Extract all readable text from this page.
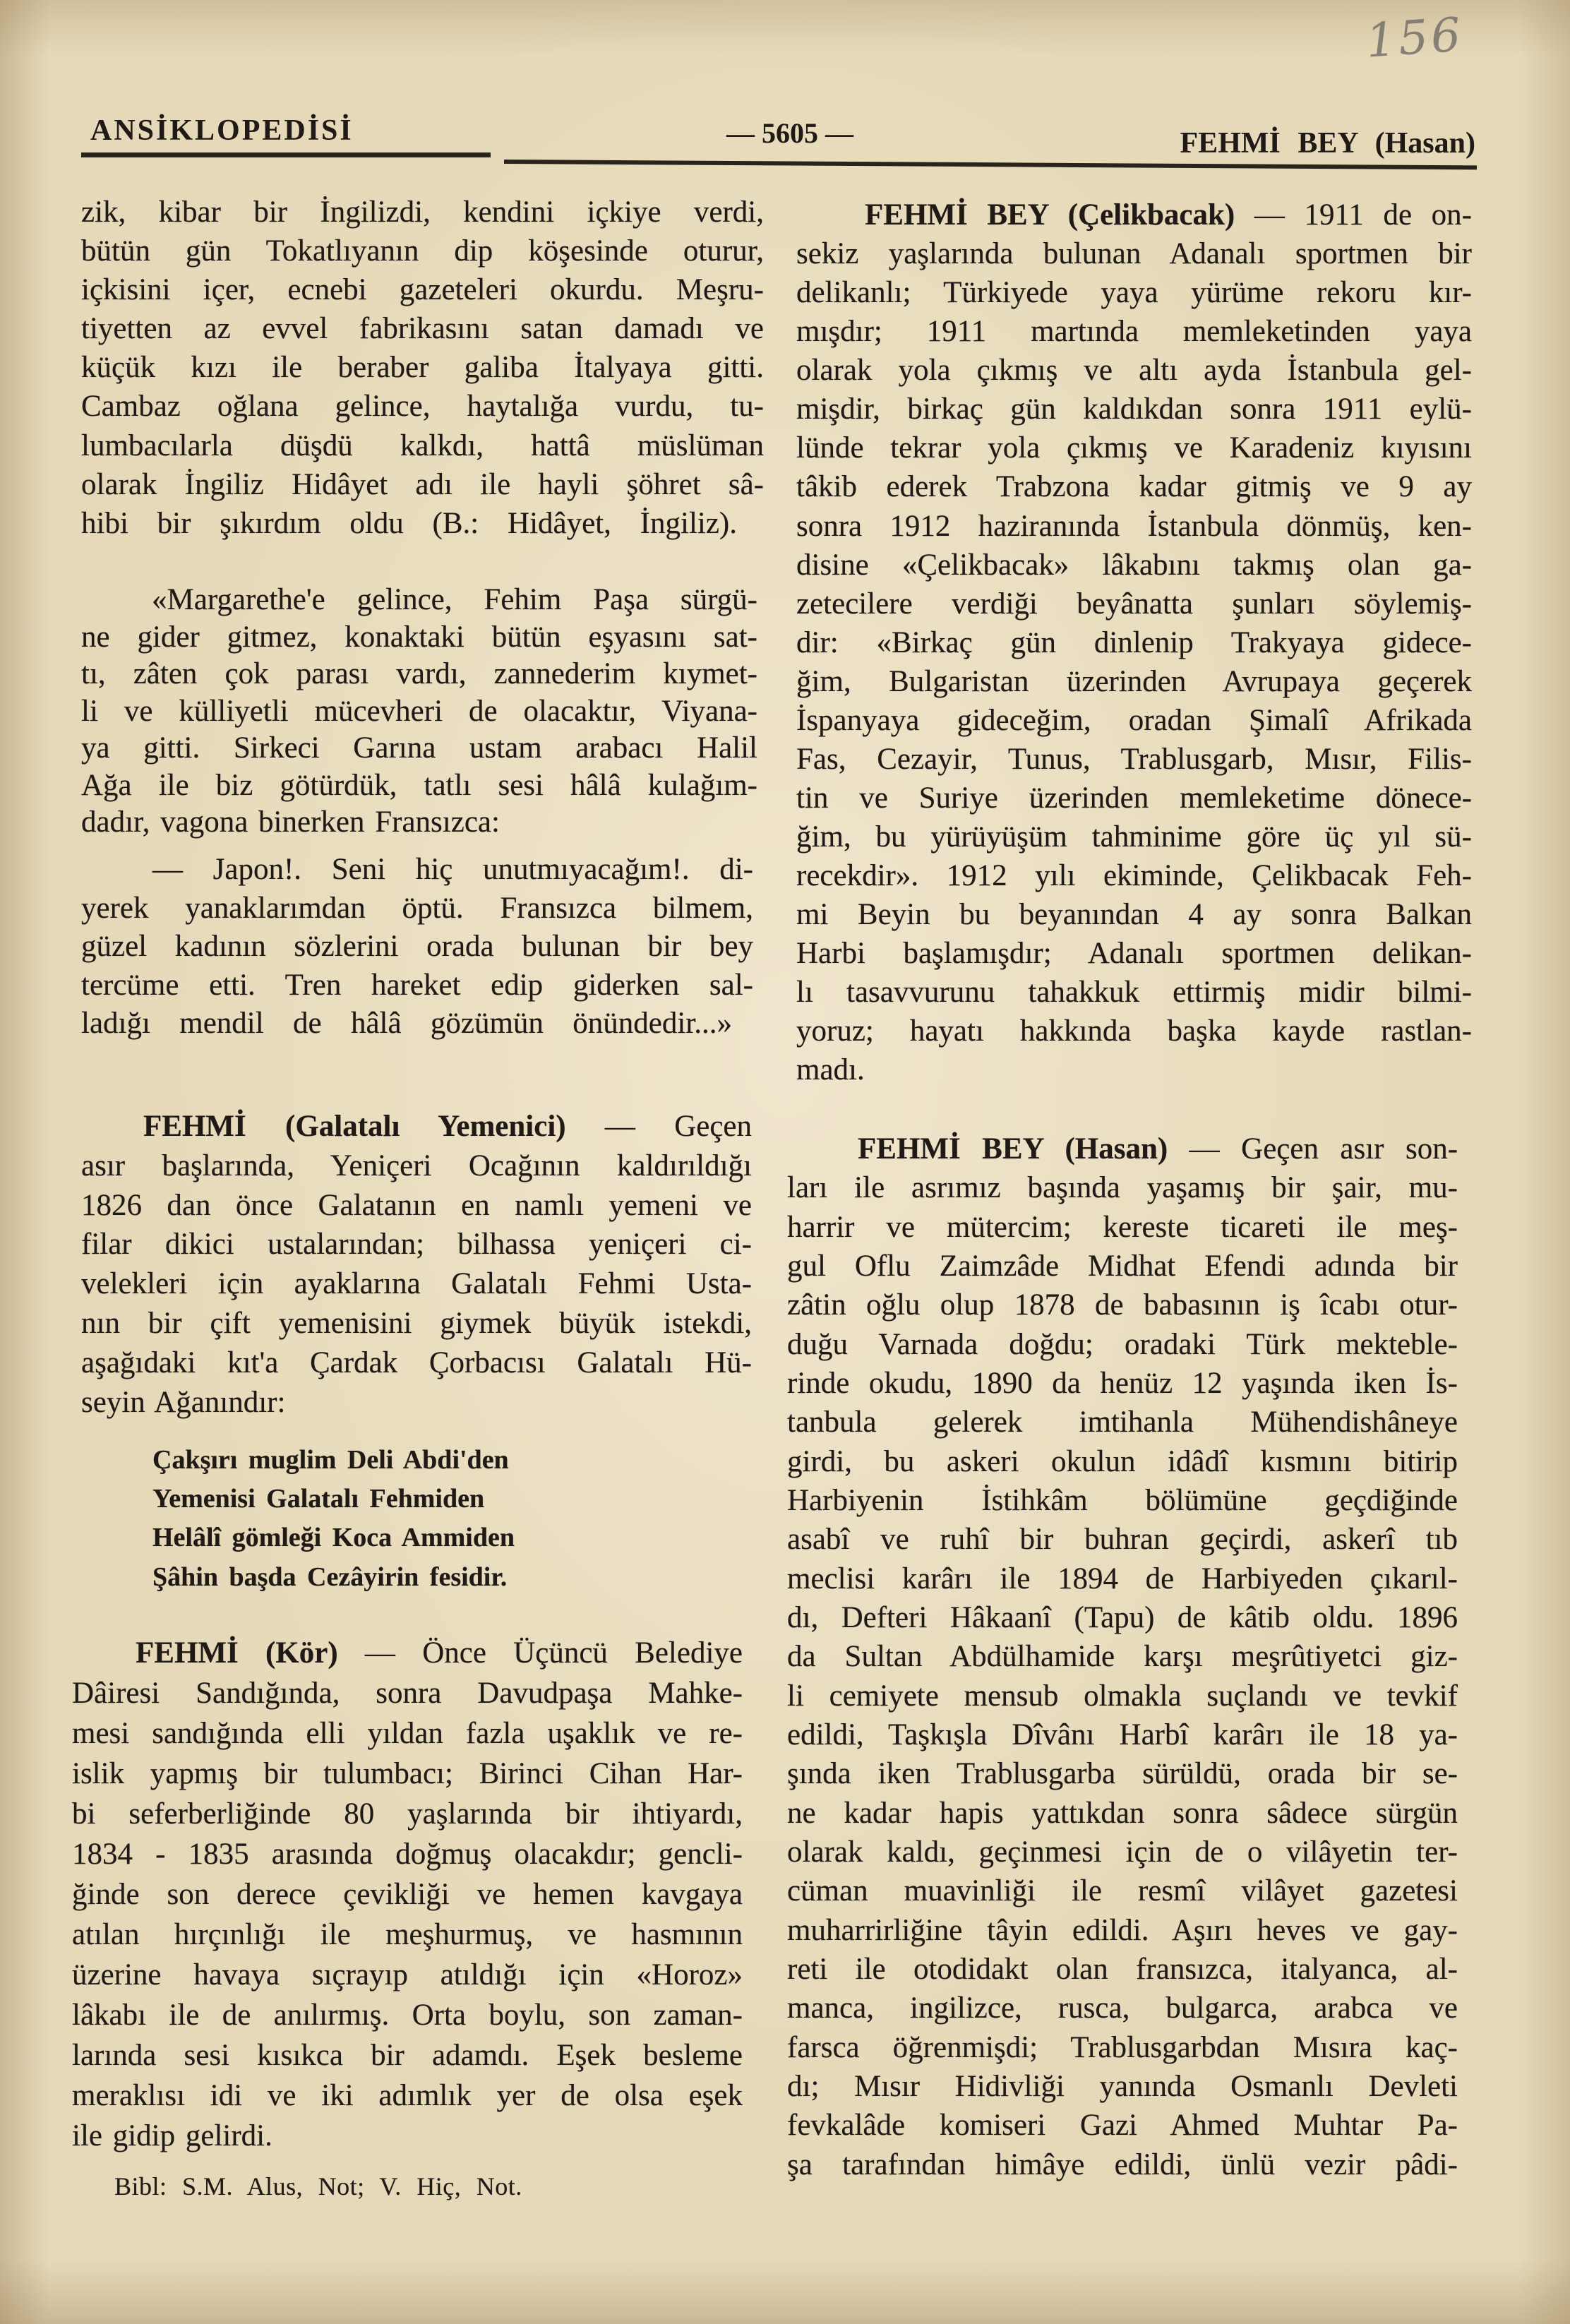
156
ANSİKLOPEDİSİ	— 5605 —	FEHMİ BEY (Hasan)
zik, kibar bir İngilizdi, kendini içkiye verdi,
bütün gün Tokatlıyanın dip köşesinde oturur,
içkisini içer, ecnebi gazeteleri okurdu. Meşru-
tiyetten az evvel fabrikasını satan damadı ve
küçük kızı ile beraber galiba İtalyaya gitti.
Cambaz oğlana gelince, haytalığa vurdu, tu-
lumbacılarla düşdü kalkdı, hattâ müslüman
olarak İngiliz Hidâyet adı ile hayli şöhret sâ-
hibi bir şıkırdım oldu (B.: Hidâyet, İngiliz).
«Margarethe'e gelince, Fehim Paşa sürgü-
ne gider gitmez, konaktaki bütün eşyasını sat-
tı, zâten çok parası vardı, zannederim kıymet-
li ve külliyetli mücevheri de olacaktır, Viyana-
ya gitti. Sirkeci Garına ustam arabacı Halil
Ağa ile biz götürdük, tatlı sesi hâlâ kulağım-
dadır, vagona binerken Fransızca:
— Japon!. Seni hiç unutmıyacağım!. di-
yerek yanaklarımdan öptü. Fransızca bilmem,
güzel kadının sözlerini orada bulunan bir bey
tercüme etti. Tren hareket edip giderken sal-
ladığı mendil de hâlâ gözümün önündedir...»
FEHMİ (Galatalı Yemenici) — Geçen
asır başlarında, Yeniçeri Ocağının kaldırıldığı
1826 dan önce Galatanın en namlı yemeni ve
filar dikici ustalarından; bilhassa yeniçeri ci-
velekleri için ayaklarına Galatalı Fehmi Usta-
nın bir çift yemenisini giymek büyük istekdi,
aşağıdaki kıt'a Çardak Çorbacısı Galatalı Hü-
seyin Ağanındır:
Çakşırı muglim Deli Abdi'den
Yemenisi Galatalı Fehmiden
Helâlî gömleği Koca Ammiden
Şâhin başda Cezâyirin fesidir.
FEHMİ (Kör) — Önce Üçüncü Belediye
Dâiresi Sandığında, sonra Davudpaşa Mahke-
mesi sandığında elli yıldan fazla uşaklık ve re-
islik yapmış bir tulumbacı; Birinci Cihan Har-
bi seferberliğinde 80 yaşlarında bir ihtiyardı,
1834 - 1835 arasında doğmuş olacakdır; gencli-
ğinde son derece çevikliği ve hemen kavgaya
atılan hırçınlığı ile meşhurmuş, ve hasmının
üzerine havaya sıçrayıp atıldığı için «Horoz»
lâkabı ile de anılırmış. Orta boylu, son zaman-
larında sesi kısıkca bir adamdı. Eşek besleme
meraklısı idi ve iki adımlık yer de olsa eşek
ile gidip gelirdi.
Bibl: S.M. Alus, Not; V. Hiç, Not.
FEHMİ BEY (Çelikbacak) — 1911 de on-
sekiz yaşlarında bulunan Adanalı sportmen bir
delikanlı; Türkiyede yaya yürüme rekoru kır-
mışdır; 1911 martında memleketinden yaya
olarak yola çıkmış ve altı ayda İstanbula gel-
mişdir, birkaç gün kaldıkdan sonra 1911 eylü-
lünde tekrar yola çıkmış ve Karadeniz kıyısını
tâkib ederek Trabzona kadar gitmiş ve 9 ay
sonra 1912 haziranında İstanbula dönmüş, ken-
disine «Çelikbacak» lâkabını takmış olan ga-
zetecilere verdiği beyânatta şunları söylemiş-
dir: «Birkaç gün dinlenip Trakyaya gidece-
ğim, Bulgaristan üzerinden Avrupaya geçerek
İspanyaya gideceğim, oradan Şimalî Afrikada
Fas, Cezayir, Tunus, Trablusgarb, Mısır, Filis-
tin ve Suriye üzerinden memleketime dönece-
ğim, bu yürüyüşüm tahminime göre üç yıl sü-
recekdir». 1912 yılı ekiminde, Çelikbacak Feh-
mi Beyin bu beyanından 4 ay sonra Balkan
Harbi başlamışdır; Adanalı sportmen delikan-
lı tasavvurunu tahakkuk ettirmiş midir bilmi-
yoruz; hayatı hakkında başka kayde rastlan-
madı.
FEHMİ BEY (Hasan) — Geçen asır son-
ları ile asrımız başında yaşamış bir şair, mu-
harrir ve mütercim; kereste ticareti ile meş-
gul Oflu Zaimzâde Midhat Efendi adında bir
zâtin oğlu olup 1878 de babasının iş îcabı otur-
duğu Varnada doğdu; oradaki Türk mekteble-
rinde okudu, 1890 da henüz 12 yaşında iken İs-
tanbula gelerek imtihanla Mühendishâneye
girdi, bu askeri okulun idâdî kısmını bitirip
Harbiyenin İstihkâm bölümüne geçdiğinde
asabî ve ruhî bir buhran geçirdi, askerî tıb
meclisi karârı ile 1894 de Harbiyeden çıkarıl-
dı, Defteri Hâkaanî (Tapu) de kâtib oldu. 1896
da Sultan Abdülhamide karşı meşrûtiyetci giz-
li cemiyete mensub olmakla suçlandı ve tevkif
edildi, Taşkışla Dîvânı Harbî karârı ile 18 ya-
şında iken Trablusgarba sürüldü, orada bir se-
ne kadar hapis yattıkdan sonra sâdece sürgün
olarak kaldı, geçinmesi için de o vilâyetin ter-
cüman muavinliği ile resmî vilâyet gazetesi
muharrirliğine tâyin edildi. Aşırı heves ve gay-
reti ile otodidakt olan fransızca, italyanca, al-
manca, ingilizce, rusca, bulgarca, arabca ve
farsca öğrenmişdi; Trablusgarbdan Mısıra kaç-
dı; Mısır Hidivliği yanında Osmanlı Devleti
fevkalâde komiseri Gazi Ahmed Muhtar Pa-
şa tarafından himâye edildi, ünlü vezir pâdi-
